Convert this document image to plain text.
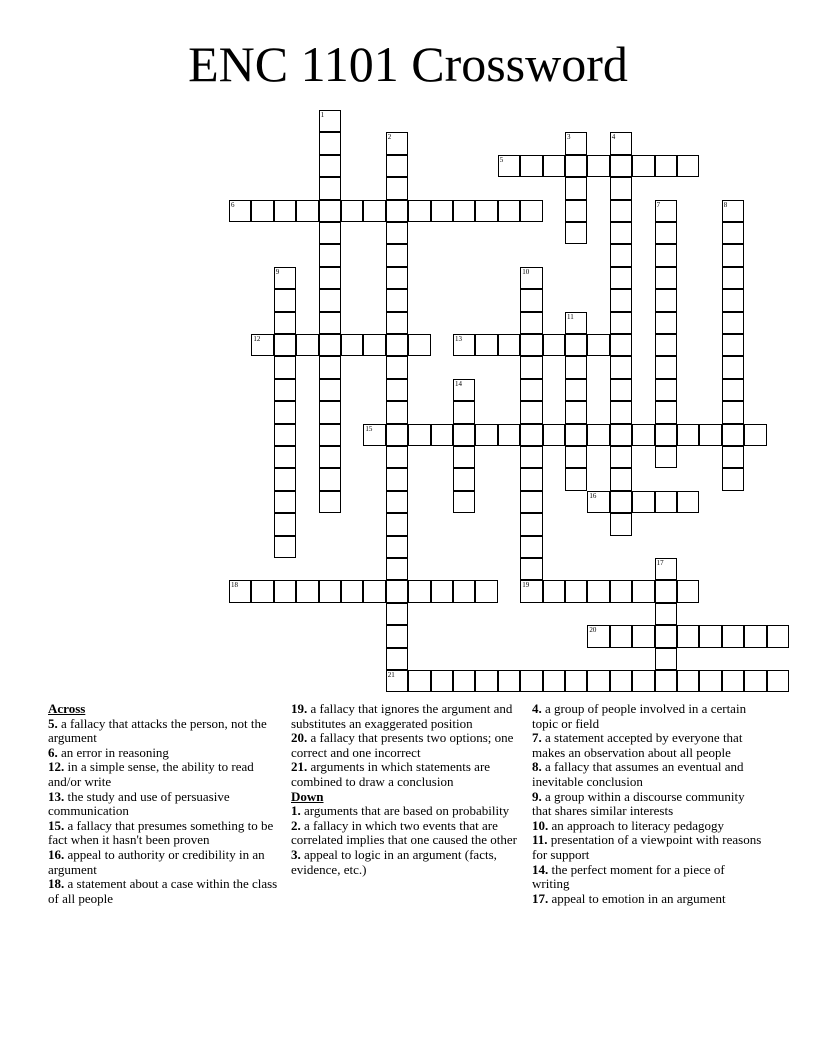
ENC 1101 Crossword
1
2	3	4
5
6	7	8
9	10
19
11
12	13
14
15
16
17
18
20
21
Across

5. a fallacy that attacks the person, not the argument

6. an error in reasoning

12. in a simple sense, the ability to read and/or write

13. the study and use of persuasive communication

15. a fallacy that presumes something to be fact when it hasn't been proven

16. appeal to authority or credibility in an argument

18. a statement about a case within the class of all people

19. a fallacy that ignores the argument and substitutes an exaggerated position

20. a fallacy that presents two options; one correct and one incorrect

21. arguments in which statements are combined to draw a conclusion

Down

1. arguments that are based on probability

2. a fallacy in which two events that are correlated implies that one caused the other

3. appeal to logic in an argument (facts, evidence, etc.)

4. a group of people involved in a certain topic or field

7. a statement accepted by everyone that makes an observation about all people

8. a fallacy that assumes an eventual and inevitable conclusion

9. a group within a discourse community that shares similar interests

10. an approach to literacy pedagogy

11. presentation of a viewpoint with reasons for support

14. the perfect moment for a piece of writing

17. appeal to emotion in an argument
